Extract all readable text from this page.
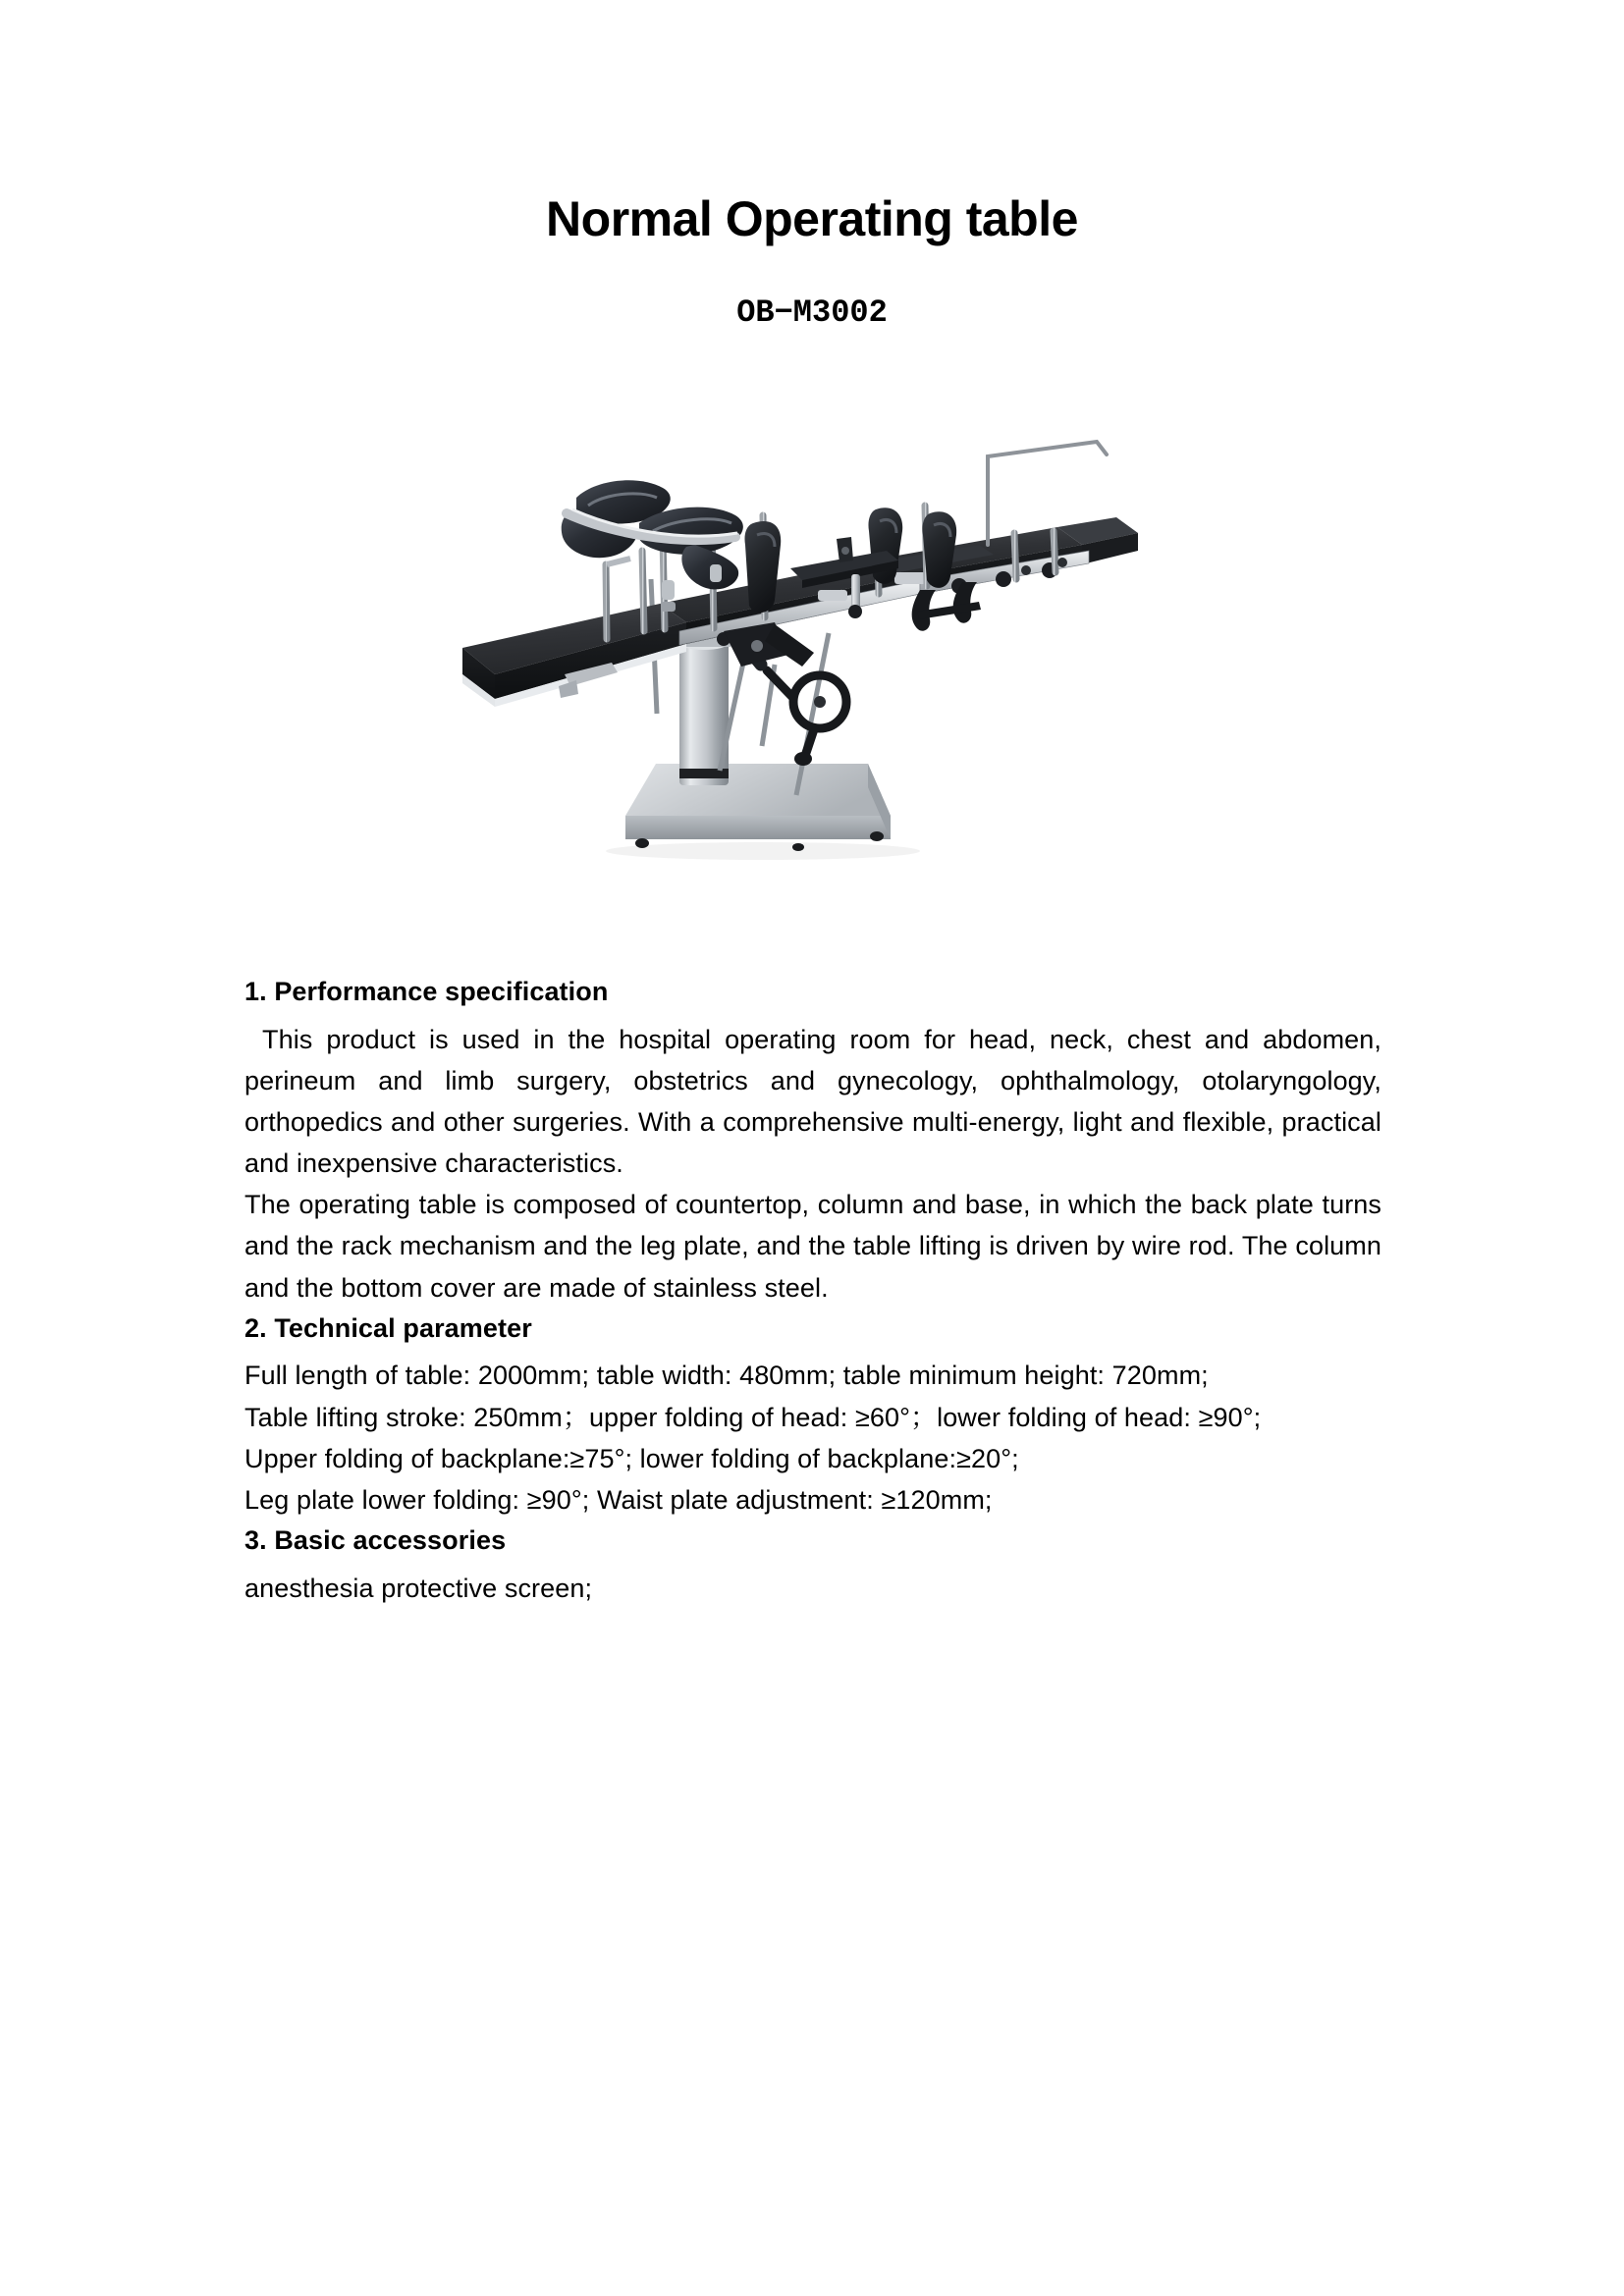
Normal Operating table
OB−M3002
1. Performance specification

This product is used in the hospital operating room for head, neck, chest and abdomen, perineum and limb surgery, obstetrics and gynecology, ophthalmology, otolaryngology, orthopedics and other surgeries. With a comprehensive multi-energy, light and flexible, practical and inexpensive characteristics.

The operating table is composed of countertop, column and base, in which the back plate turns and the rack mechanism and the leg plate, and the table lifting is driven by wire rod. The column and the bottom cover are made of stainless steel.

2. Technical parameter

Full length of table: 2000mm; table width: 480mm; table minimum height: 720mm;

Table lifting stroke: 250mm；upper folding of head: ≥60°；lower folding of head: ≥90°;

Upper folding of backplane:≥75°; lower folding of backplane:≥20°;

Leg plate lower folding: ≥90°; Waist plate adjustment: ≥120mm;

3. Basic accessories

anesthesia protective screen;
